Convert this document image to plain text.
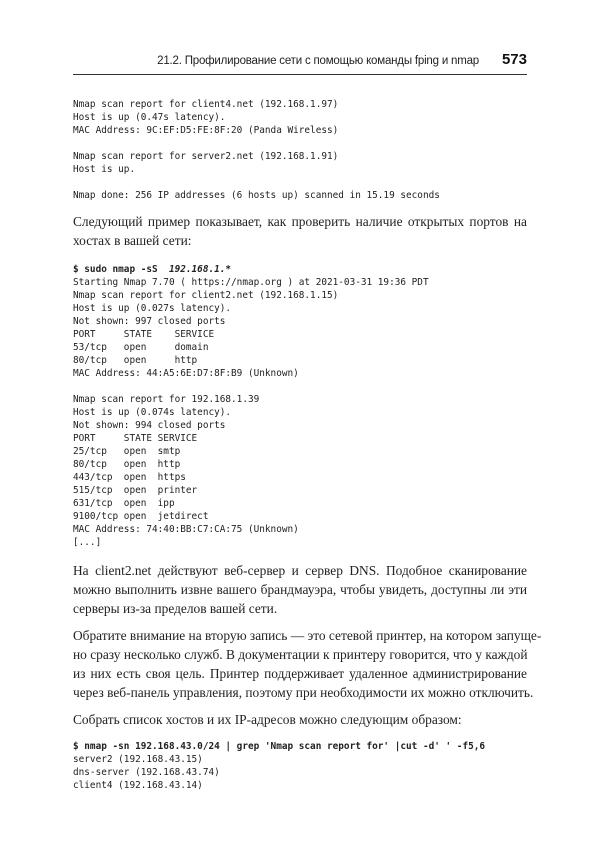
21.2. Профилирование сети с помощью команды fping и nmap 573
Nmap scan report for client4.net (192.168.1.97)
Host is up (0.47s latency).
MAC Address: 9C:EF:D5:FE:8F:20 (Panda Wireless)
Nmap scan report for server2.net (192.168.1.91)
Host is up.
Nmap done: 256 IP addresses (6 hosts up) scanned in 15.19 seconds

Следующий пример показывает, как проверить наличие открытых портов на
хостах в вашей сети:

$ sudo nmap -sS  192.168.1.*
Starting Nmap 7.70 ( https://nmap.org ) at 2021-03-31 19:36 PDT
Nmap scan report for client2.net (192.168.1.15)
Host is up (0.027s latency).
Not shown: 997 closed ports
PORT     STATE    SERVICE
53/tcp   open     domain
80/tcp   open     http
MAC Address: 44:A5:6E:D7:8F:B9 (Unknown)
Nmap scan report for 192.168.1.39
Host is up (0.074s latency).
Not shown: 994 closed ports
PORT     STATE SERVICE
25/tcp   open  smtp
80/tcp   open  http
443/tcp  open  https
515/tcp  open  printer
631/tcp  open  ipp
9100/tcp open  jetdirect
MAC Address: 74:40:BB:C7:CA:75 (Unknown)
[...]

На client2.net действуют веб-сервер и сервер DNS. Подобное сканирование
можно выполнить извне вашего брандмауэра, чтобы увидеть, доступны ли эти
серверы из-за пределов вашей сети.

Обратите внимание на вторую запись — это сетевой принтер, на котором запуще-
но сразу несколько служб. В документации к принтеру говорится, что у каждой
из них есть своя цель. Принтер поддерживает удаленное администрирование
через веб-панель управления, поэтому при необходимости их можно отключить.

Собрать список хостов и их IP-адресов можно следующим образом:

$ nmap -sn 192.168.43.0/24 | grep 'Nmap scan report for' |cut -d' ' -f5,6
server2 (192.168.43.15)
dns-server (192.168.43.74)
client4 (192.168.43.14)
